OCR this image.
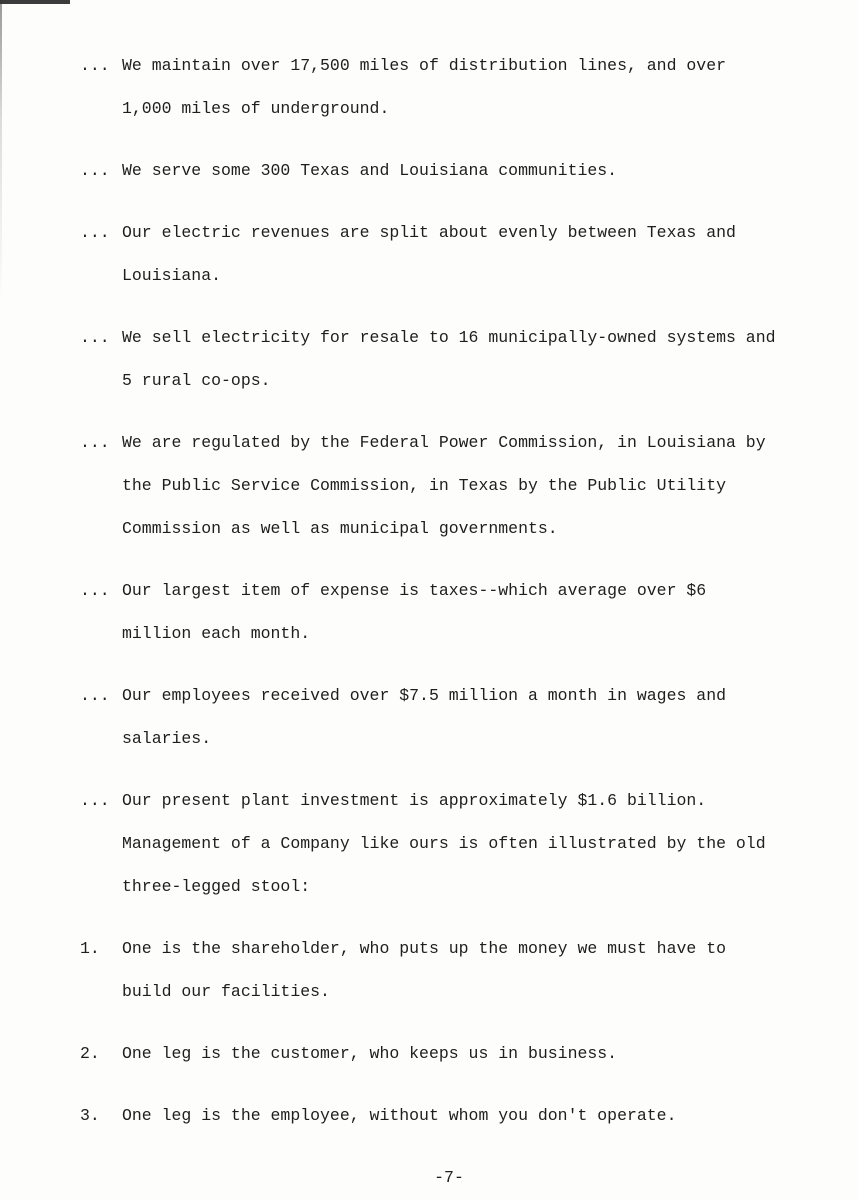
... We maintain over 17,500 miles of distribution lines, and over
1,000 miles of underground.
... We serve some 300 Texas and Louisiana communities.
... Our electric revenues are split about evenly between Texas and
Louisiana.
... We sell electricity for resale to 16 municipally-owned systems and
5 rural co-ops.
... We are regulated by the Federal Power Commission, in Louisiana by
the Public Service Commission, in Texas by the Public Utility
Commission as well as municipal governments.
... Our largest item of expense is taxes--which average over $6
million each month.
... Our employees received over $7.5 million a month in wages and
salaries.
... Our present plant investment is approximately $1.6 billion.
Management of a Company like ours is often illustrated by the old
three-legged stool:
1.	One is the shareholder, who puts up the money we must have to
build our facilities.
2.	One leg is the customer, who keeps us in business.
3.	One leg is the employee, without whom you don't operate.
-7-
